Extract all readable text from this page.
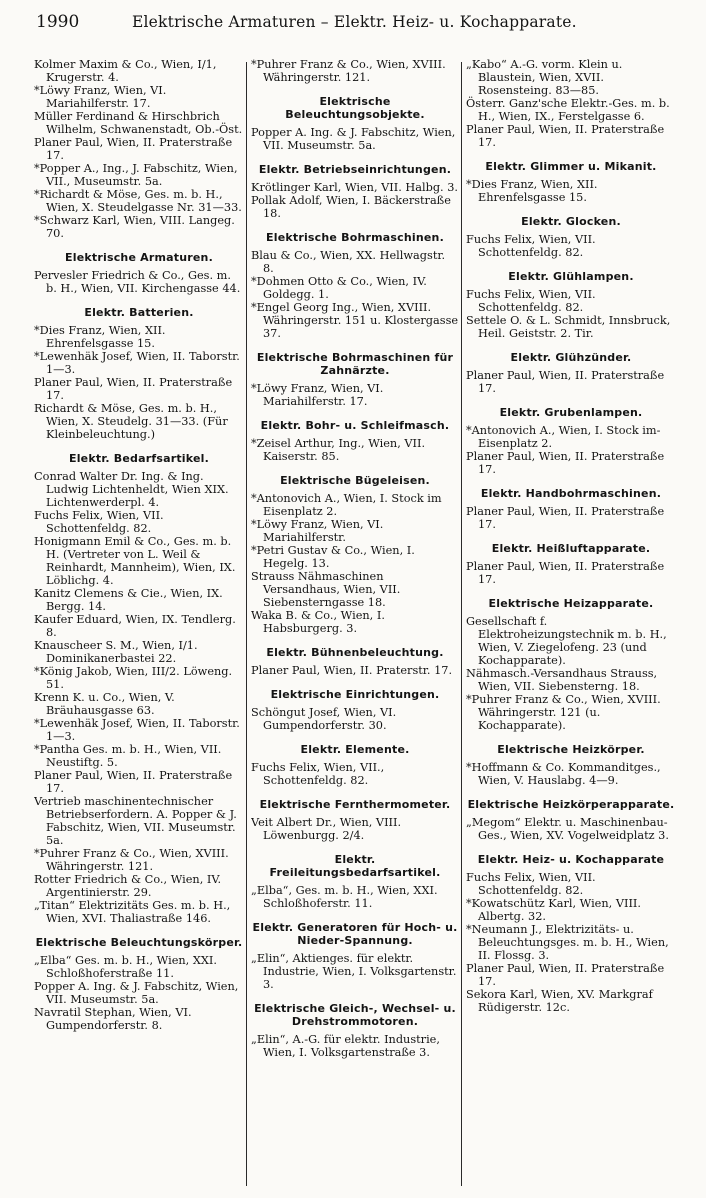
1990	Elektrische Armaturen – Elektr. Heiz- u. Kochapparate.

Kolmer Maxim & Co., Wien, I/1, Krugerstr. 4.

*Löwy Franz, Wien, VI. Mariahilferstr. 17.

Müller Ferdinand & Hirschbrich Wilhelm, Schwanenstadt, Ob.-Öst.

Planer Paul, Wien, II. Praterstraße 17.

*Popper A., Ing., J. Fabschitz, Wien, VII., Museumstr. 5a.

*Richardt & Möse, Ges. m. b. H., Wien, X. Steudelgasse Nr. 31—33.

*Schwarz Karl, Wien, VIII. Langeg. 70.

Elektrische Armaturen.

Pervesler Friedrich & Co., Ges. m. b. H., Wien, VII. Kirchengasse 44.

Elektr. Batterien.

*Dies Franz, Wien, XII. Ehrenfelsgasse 15.

*Lewenhäk Josef, Wien, II. Taborstr. 1—3.

Planer Paul, Wien, II. Praterstraße 17.

Richardt & Möse, Ges. m. b. H., Wien, X. Steudelg. 31—33. (Für Kleinbeleuchtung.)

Elektr. Bedarfsartikel.

Conrad Walter Dr. Ing. & Ing. Ludwig Lichtenheldt, Wien XIX. Lichtenwerderpl. 4.

Fuchs Felix, Wien, VII. Schottenfeldg. 82.

Honigmann Emil & Co., Ges. m. b. H. (Vertreter von L. Weil & Reinhardt, Mannheim), Wien, IX. Löblichg. 4.

Kanitz Clemens & Cie., Wien, IX. Bergg. 14.

Kaufer Eduard, Wien, IX. Tendlerg. 8.

Knauscheer S. M., Wien, I/1. Dominikanerbastei 22.

*König Jakob, Wien, III/2. Löweng. 51.

Krenn K. u. Co., Wien, V. Bräuhausgasse 63.

*Lewenhäk Josef, Wien, II. Taborstr. 1—3.

*Pantha Ges. m. b. H., Wien, VII. Neustiftg. 5.

Planer Paul, Wien, II. Praterstraße 17.

Vertrieb maschinentechnischer Betriebserfordern. A. Popper & J. Fabschitz, Wien, VII. Museumstr. 5a.

*Puhrer Franz & Co., Wien, XVIII. Währingerstr. 121.

Rotter Friedrich & Co., Wien, IV. Argentinierstr. 29.

„Titan“ Elektrizitäts Ges. m. b. H., Wien, XVI. Thaliastraße 146.

Elektrische Beleuchtungskörper.

„Elba“ Ges. m. b. H., Wien, XXI. Schloßhoferstraße 11.

Popper A. Ing. & J. Fabschitz, Wien, VII. Museumstr. 5a.

Navratil Stephan, Wien, VI. Gumpendorferstr. 8.

*Puhrer Franz & Co., Wien, XVIII. Währingerstr. 121.

Elektrische Beleuchtungsobjekte.

Popper A. Ing. & J. Fabschitz, Wien, VII. Museumstr. 5a.

Elektr. Betriebseinrichtungen.

Krötlinger Karl, Wien, VII. Halbg. 3.

Pollak Adolf, Wien, I. Bäckerstraße 18.

Elektrische Bohrmaschinen.

Blau & Co., Wien, XX. Hellwagstr. 8.

*Dohmen Otto & Co., Wien, IV. Goldegg. 1.

*Engel Georg Ing., Wien, XVIII. Währingerstr. 151 u. Klostergasse 37.

Elektrische Bohrmaschinen für Zahnärzte.

*Löwy Franz, Wien, VI. Mariahilferstr. 17.

Elektr. Bohr- u. Schleifmasch.

*Zeisel Arthur, Ing., Wien, VII. Kaiserstr. 85.

Elektrische Bügeleisen.

*Antonovich A., Wien, I. Stock im Eisenplatz 2.

*Löwy Franz, Wien, VI. Mariahilferstr.

*Petri Gustav & Co., Wien, I. Hegelg. 13.

Strauss Nähmaschinen Versandhaus, Wien, VII. Siebensterngasse 18.

Waka B. & Co., Wien, I. Habsburgerg. 3.

Elektr. Bühnenbeleuchtung.

Planer Paul, Wien, II. Praterstr. 17.

Elektrische Einrichtungen.

Schöngut Josef, Wien, VI. Gumpendorferstr. 30.

Elektr. Elemente.

Fuchs Felix, Wien, VII., Schottenfeldg. 82.

Elektrische Fernthermometer.

Veit Albert Dr., Wien, VIII. Löwenburgg. 2/4.

Elektr. Freileitungsbedarfsartikel.

„Elba“, Ges. m. b. H., Wien, XXI. Schloßhoferstr. 11.

Elektr. Generatoren für Hoch- u. Nieder-Spannung.

„Elin“, Aktienges. für elektr. Industrie, Wien, I. Volksgartenstr. 3.

Elektrische Gleich-, Wechsel- u. Drehstrommotoren.

„Elin“, A.-G. für elektr. Industrie, Wien, I. Volksgartenstraße 3.

„Kabo“ A.-G. vorm. Klein u. Blaustein, Wien, XVII. Rosensteing. 83—85.

Österr. Ganz'sche Elektr.-Ges. m. b. H., Wien, IX., Ferstelgasse 6.

Planer Paul, Wien, II. Praterstraße 17.

Elektr. Glimmer u. Mikanit.

*Dies Franz, Wien, XII. Ehrenfelsgasse 15.

Elektr. Glocken.

Fuchs Felix, Wien, VII. Schottenfeldg. 82.

Elektr. Glühlampen.

Fuchs Felix, Wien, VII. Schottenfeldg. 82.

Settele O. & L. Schmidt, Innsbruck, Heil. Geiststr. 2. Tir.

Elektr. Glühzünder.

Planer Paul, Wien, II. Praterstraße 17.

Elektr. Grubenlampen.

*Antonovich A., Wien, I. Stock im-Eisenplatz 2.

Planer Paul, Wien, II. Praterstraße 17.

Elektr. Handbohrmaschinen.

Planer Paul, Wien, II. Praterstraße 17.

Elektr. Heißluftapparate.

Planer Paul, Wien, II. Praterstraße 17.

Elektrische Heizapparate.

Gesellschaft f. Elektroheizungstechnik m. b. H., Wien, V. Ziegelofeng. 23 (und Kochapparate).

Nähmasch.-Versandhaus Strauss, Wien, VII. Siebensterng. 18.

*Puhrer Franz & Co., Wien, XVIII. Währingerstr. 121 (u. Kochapparate).

Elektrische Heizkörper.

*Hoffmann & Co. Kommanditges., Wien, V. Hauslabg. 4—9.

Elektrische Heizkörperapparate.

„Megom“ Elektr. u. Maschinenbau-Ges., Wien, XV. Vogelweidplatz 3.

Elektr. Heiz- u. Kochapparate

Fuchs Felix, Wien, VII. Schottenfeldg. 82.

*Kowatschütz Karl, Wien, VIII. Albertg. 32.

*Neumann J., Elektrizitäts- u. Beleuchtungsges. m. b. H., Wien, II. Flossg. 3.

Planer Paul, Wien, II. Praterstraße 17.

Sekora Karl, Wien, XV. Markgraf Rüdigerstr. 12c.
